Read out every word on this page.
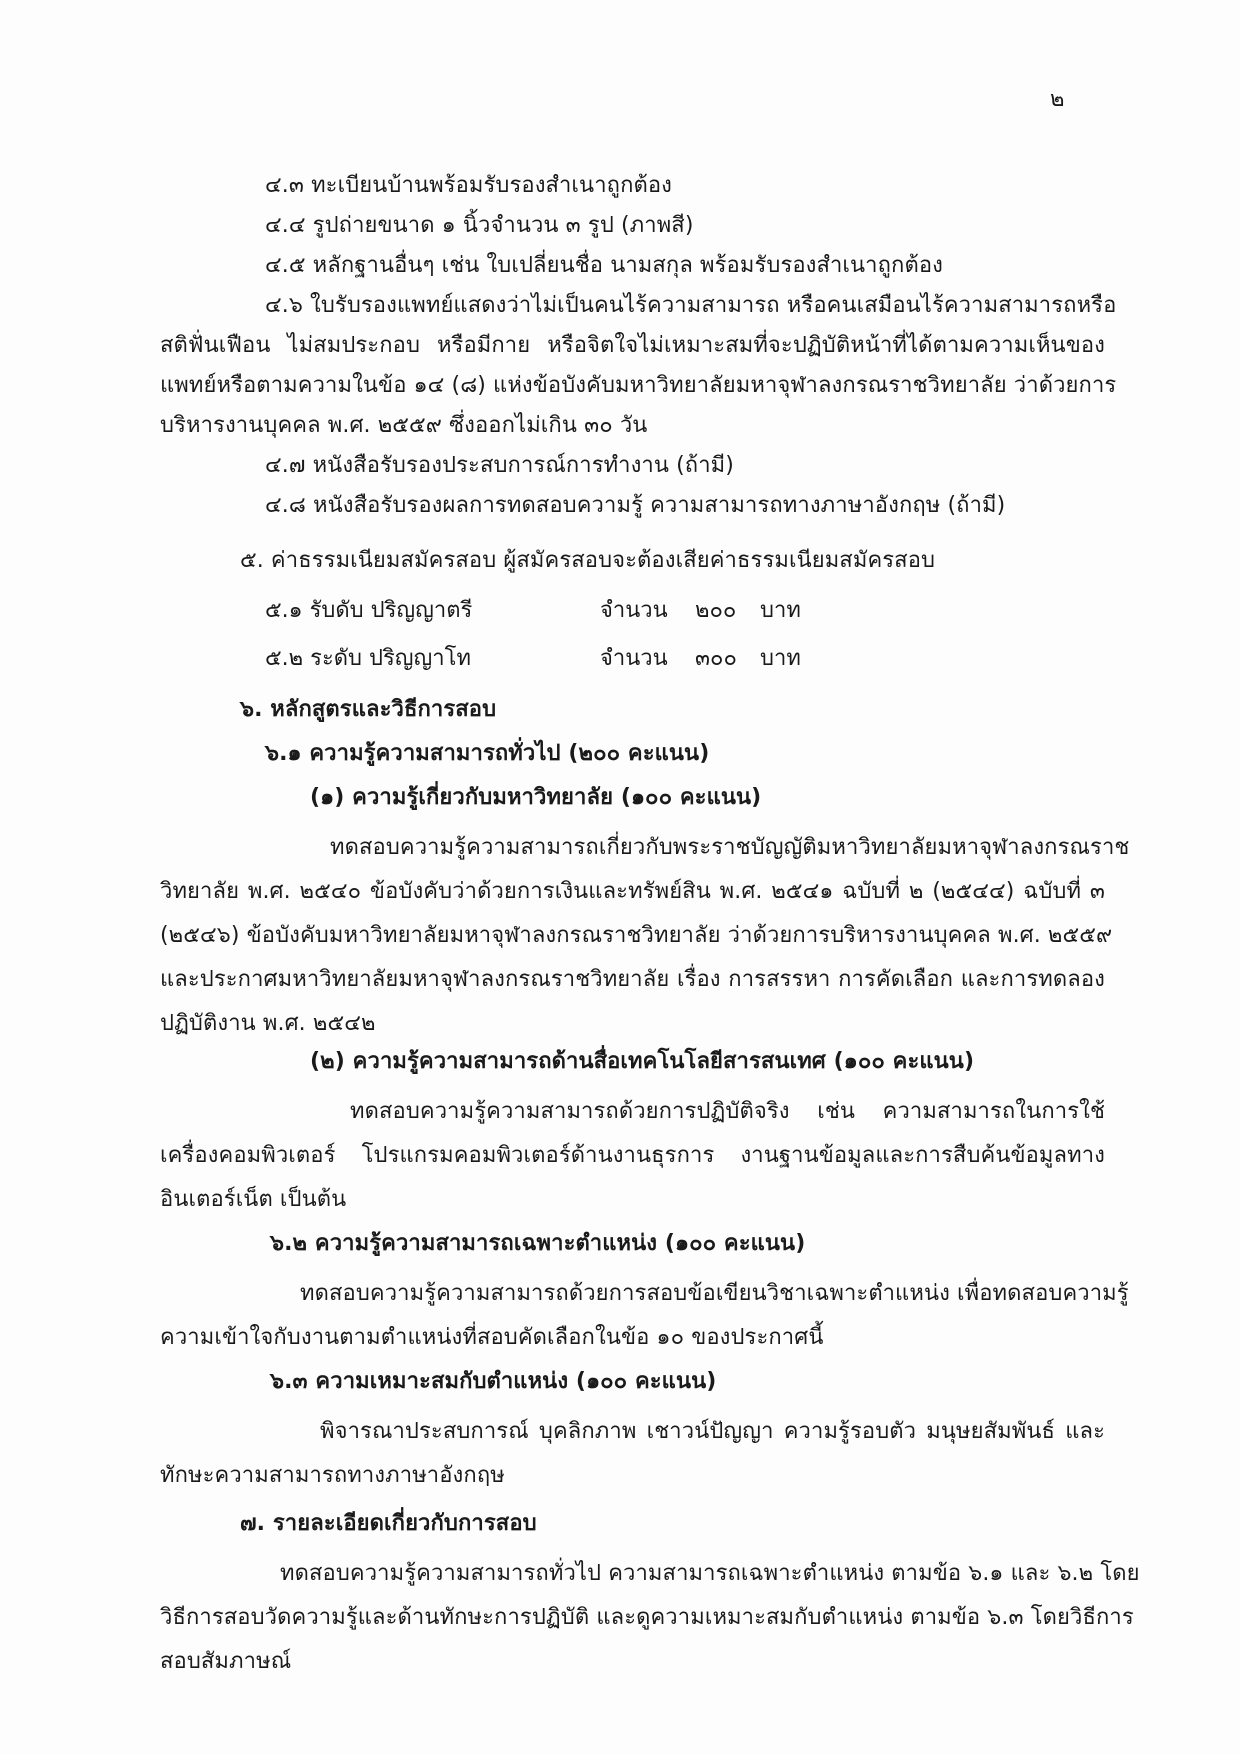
๒
๔.๓ ทะเบียนบ้านพร้อมรับรองสำเนาถูกต้อง
๔.๔ รูปถ่ายขนาด ๑ นิ้วจำนวน ๓ รูป (ภาพสี)
๔.๕ หลักฐานอื่นๆ เช่น ใบเปลี่ยนชื่อ นามสกุล พร้อมรับรองสำเนาถูกต้อง
๔.๖ ใบรับรองแพทย์แสดงว่าไม่เป็นคนไร้ความสามารถ หรือคนเสมือนไร้ความสามารถหรือ
สติฟั่นเฟือน ไม่สมประกอบ หรือมีกาย หรือจิตใจไม่เหมาะสมที่จะปฏิบัติหน้าที่ได้ตามความเห็นของ
แพทย์หรือตามความในข้อ ๑๔ (๘) แห่งข้อบังคับมหาวิทยาลัยมหาจุฬาลงกรณราชวิทยาลัย ว่าด้วยการ
บริหารงานบุคคล พ.ศ. ๒๕๕๙ ซึ่งออกไม่เกิน ๓๐ วัน
๔.๗ หนังสือรับรองประสบการณ์การทำงาน (ถ้ามี)
๔.๘ หนังสือรับรองผลการทดสอบความรู้ ความสามารถทางภาษาอังกฤษ (ถ้ามี)
๕. ค่าธรรมเนียมสมัครสอบ ผู้สมัครสอบจะต้องเสียค่าธรรมเนียมสมัครสอบ
๕.๑ รับดับ ปริญญาตรี	จำนวน ๒๐๐ บาท
๕.๒ ระดับ ปริญญาโท	จำนวน ๓๐๐ บาท
๖. หลักสูตรและวิธีการสอบ
๖.๑ ความรู้ความสามารถทั่วไป (๒๐๐ คะแนน)
(๑) ความรู้เกี่ยวกับมหาวิทยาลัย (๑๐๐ คะแนน)
ทดสอบความรู้ความสามารถเกี่ยวกับพระราชบัญญัติมหาวิทยาลัยมหาจุฬาลงกรณราช
วิทยาลัย พ.ศ. ๒๕๔๐ ข้อบังคับว่าด้วยการเงินและทรัพย์สิน พ.ศ. ๒๕๔๑ ฉบับที่ ๒ (๒๕๔๔) ฉบับที่ ๓
(๒๕๔๖) ข้อบังคับมหาวิทยาลัยมหาจุฬาลงกรณราชวิทยาลัย ว่าด้วยการบริหารงานบุคคล พ.ศ. ๒๕๕๙
และประกาศมหาวิทยาลัยมหาจุฬาลงกรณราชวิทยาลัย เรื่อง การสรรหา การคัดเลือก และการทดลอง
ปฏิบัติงาน พ.ศ. ๒๕๔๒
(๒) ความรู้ความสามารถด้านสื่อเทคโนโลยีสารสนเทศ (๑๐๐ คะแนน)
ทดสอบความรู้ความสามารถด้วยการปฏิบัติจริง เช่น ความสามารถในการใช้
เครื่องคอมพิวเตอร์ โปรแกรมคอมพิวเตอร์ด้านงานธุรการ งานฐานข้อมูลและการสืบค้นข้อมูลทาง
อินเตอร์เน็ต เป็นต้น
๖.๒ ความรู้ความสามารถเฉพาะตำแหน่ง (๑๐๐ คะแนน)
ทดสอบความรู้ความสามารถด้วยการสอบข้อเขียนวิชาเฉพาะตำแหน่ง เพื่อทดสอบความรู้
ความเข้าใจกับงานตามตำแหน่งที่สอบคัดเลือกในข้อ ๑๐ ของประกาศนี้
๖.๓ ความเหมาะสมกับตำแหน่ง (๑๐๐ คะแนน)
พิจารณาประสบการณ์ บุคลิกภาพ เชาวน์ปัญญา ความรู้รอบตัว มนุษยสัมพันธ์ และ
ทักษะความสามารถทางภาษาอังกฤษ
๗. รายละเอียดเกี่ยวกับการสอบ
ทดสอบความรู้ความสามารถทั่วไป ความสามารถเฉพาะตำแหน่ง ตามข้อ ๖.๑ และ ๖.๒ โดย
วิธีการสอบวัดความรู้และด้านทักษะการปฏิบัติ และดูความเหมาะสมกับตำแหน่ง ตามข้อ ๖.๓ โดยวิธีการ
สอบสัมภาษณ์
